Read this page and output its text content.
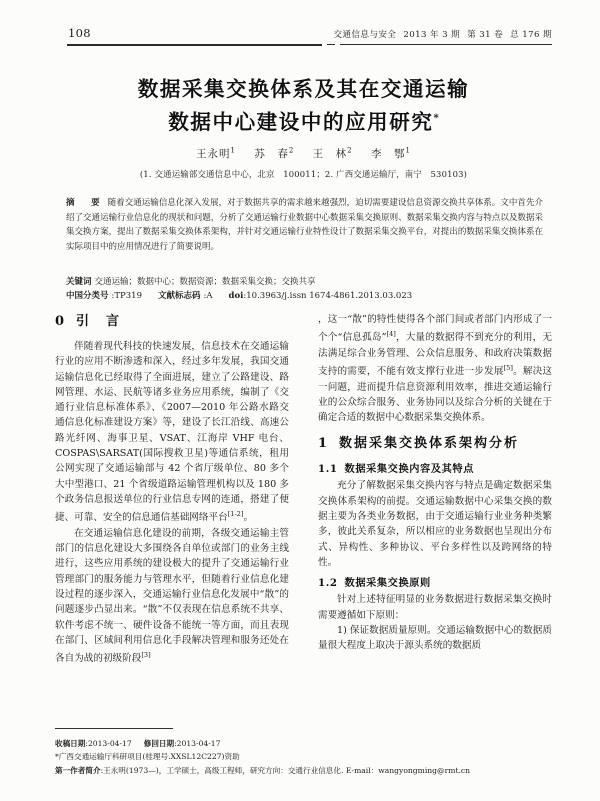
108	交通信息与安全 2013 年 3 期 第 31 卷 总 176 期
数据采集交换体系及其在交通运输
数据中心建设中的应用研究*
王永明$^1$ 苏　春$^2$ 王　林$^2$ 李　鄂$^1$
(1. 交通运输部交通信息中心，北京　100011；2. 广西交通运输厅，南宁　530103)
摘　要 随着交通运输信息化深入发展，对于数据共享的需求越来越强烈，迫切需要建设信息资源交换共享体系。文中首先介绍了交通运输行业信息化的现状和问题，分析了交通运输行业数据中心数据采集交换原则、数据采集交换内容与特点以及数据采集交换方案，提出了数据采集交换体系架构，并针对交通运输行业特性设计了数据采集交换平台，对提出的数据采集交换体系在实际项目中的应用情况进行了简要说明。
关键词 交通运输；数据中心；数据资源；数据采集交换；交换共享
中国分类号 :TP319 文献标志码 :A doi:10.3963/j.issn 1674-4861.2013.03.023
0 引　言

伴随着现代科技的快速发展，信息技术在交通运输行业的应用不断渗透和深入，经过多年发展，我国交通运输信息化已经取得了全面进展，建立了公路建设、路网管理、水运、民航等诸多业务应用系统，编制了《交通行业信息标准体系》、《2007—2010 年公路水路交通信息化标准建设方案》等，建设了长江沿线、高速公路光纤网、海事卫星、VSAT、江海岸 VHF 电台、COSPAS\SARSAT(国际搜救卫星)等通信系统，租用公网实现了交通运输部与 42 个省厅级单位、80 多个大中型港口、21 个省级道路运输管理机构以及 180 多个政务信息报送单位的行业信息专网的连通，搭建了便捷、可靠、安全的信息通信基础网络平台[1-2]。

在交通运输信息化建设的前期，各级交通运输主管部门的信息化建设大多围绕各自单位或部门的业务主线进行，这些应用系统的建设极大的提升了交通运输行业管理部门的服务能力与管理水平，但随着行业信息化建设过程的逐步深入，交通运输行业信息化发展中“散”的问题逐步凸显出来。“散”不仅表现在信息系统不共享、软件考虑不统一、硬件设备不能统一等方面，而且表现在部门、区域间利用信息化手段解决管理和服务还处在各自为战的初级阶段[3]

，这一“散”的特性使得各个部门间或者部门内形成了一个个“信息孤岛”[4]，大量的数据得不到充分的利用，无法满足综合业务管理、公众信息服务、和政府决策数据支持的需要，不能有效支撑行业进一步发展[5]。解决这一问题，进而提升信息资源利用效率，推进交通运输行业的公众综合服务、业务协同以及综合分析的关键在于确定合适的数据中心数据采集交换体系。

1 数据采集交换体系架构分析
1.1 数据采集交换内容及其特点

充分了解数据采集交换内容与特点是确定数据采集交换体系架构的前提。交通运输数据中心采集交换的数据主要为各类业务数据，由于交通运输行业业务种类繁多，彼此关系复杂，所以相应的业务数据也呈现出分布式、异构性、多种协议、平台多样性以及跨网络的特性。

1.2 数据采集交换原则

针对上述特征明显的业务数据进行数据采集交换时需要遵循如下原则：

1) 保证数据质量原则。交通运输数据中心的数据质量很大程度上取决于源头系统的数据质

收稿日期:2013-04-17 修回日期:2013-04-17
*广西交通运输厅科研项目(桂理号.XXSL12C227)资助
第一作者简介:王永明(1973—)，工学硕士，高级工程师，研究方向：交通行业信息化. E-mail：wangyongming@rmt.cn
